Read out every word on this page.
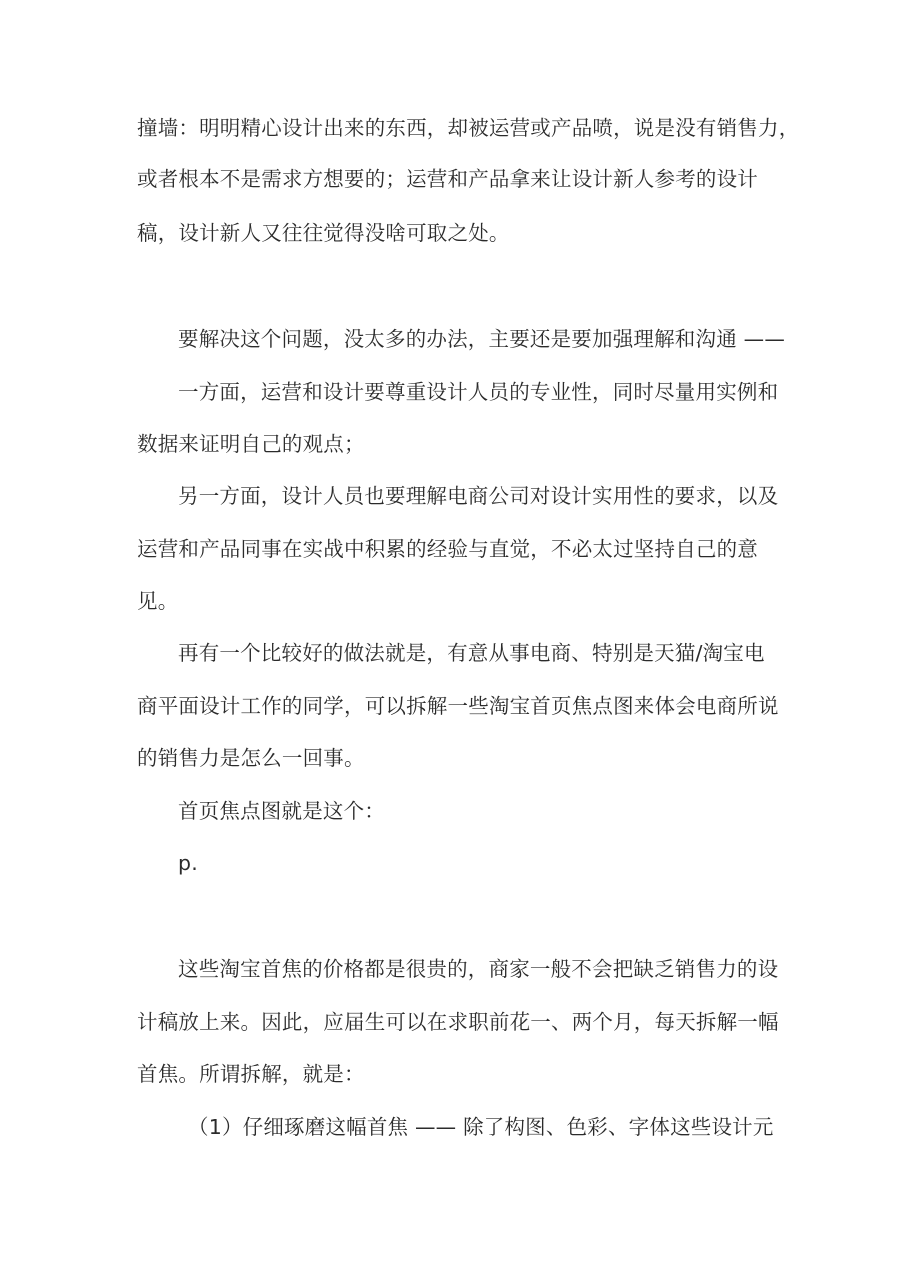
撞墙：明明精心设计出来的东西，却被运营或产品喷，说是没有销售力，
或者根本不是需求方想要的；运营和产品拿来让设计新人参考的设计
稿，设计新人又往往觉得没啥可取之处。
要解决这个问题，没太多的办法，主要还是要加强理解和沟通 ——
一方面，运营和设计要尊重设计人员的专业性，同时尽量用实例和
数据来证明自己的观点；
另一方面，设计人员也要理解电商公司对设计实用性的要求，以及
运营和产品同事在实战中积累的经验与直觉，不必太过坚持自己的意
见。
再有一个比较好的做法就是，有意从事电商、特别是天猫/淘宝电
商平面设计工作的同学，可以拆解一些淘宝首页焦点图来体会电商所说
的销售力是怎么一回事。
首页焦点图就是这个：
p.
这些淘宝首焦的价格都是很贵的，商家一般不会把缺乏销售力的设
计稿放上来。因此，应届生可以在求职前花一、两个月，每天拆解一幅
首焦。所谓拆解，就是：
（1）仔细琢磨这幅首焦 —— 除了构图、色彩、字体这些设计元
